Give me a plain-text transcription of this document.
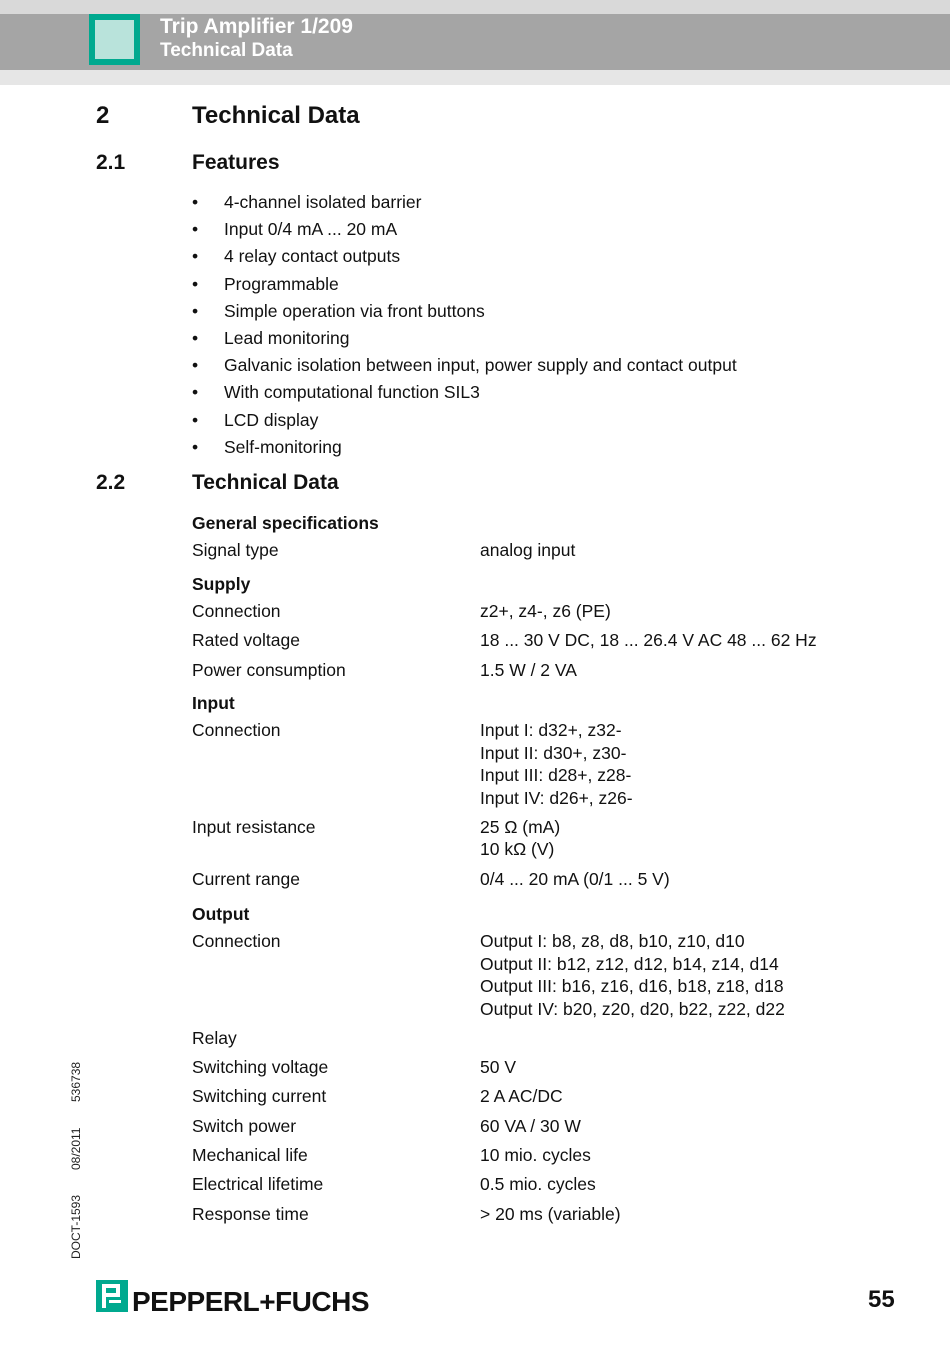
Trip Amplifier 1/209
Technical Data
2	Technical Data
2.1	Features
• 4-channel isolated barrier
• Input 0/4 mA ... 20 mA
• 4 relay contact outputs
• Programmable
• Simple operation via front buttons
• Lead monitoring
• Galvanic isolation between input, power supply and contact output
• With computational function SIL3
• LCD display
• Self-monitoring
2.2	Technical Data
General specifications
Signal type	analog input
Supply
Connection	z2+, z4-, z6 (PE)
Rated voltage	18 ... 30 V DC, 18 ... 26.4 V AC 48 ... 62 Hz
Power consumption	1.5 W / 2 VA
Input
Connection	Input I: d32+, z32-
Input II: d30+, z30-
Input III: d28+, z28-
Input IV: d26+, z26-
Input resistance	25 Ω (mA)
10 kΩ (V)
Current range	0/4 ... 20 mA (0/1 ... 5 V)
Output
Connection	Output I: b8, z8, d8, b10, z10, d10
Output II: b12, z12, d12, b14, z14, d14
Output III: b16, z16, d16, b18, z18, d18
Output IV: b20, z20, d20, b22, z22, d22
Relay
Switching voltage	50 V
Switching current	2 A AC/DC
Switch power	60 VA / 30 W
Mechanical life	10 mio. cycles
Electrical lifetime	0.5 mio. cycles
Response time	> 20 ms (variable)
DOCT-1593
08/2011
536738
PEPPERL+FUCHS	55
